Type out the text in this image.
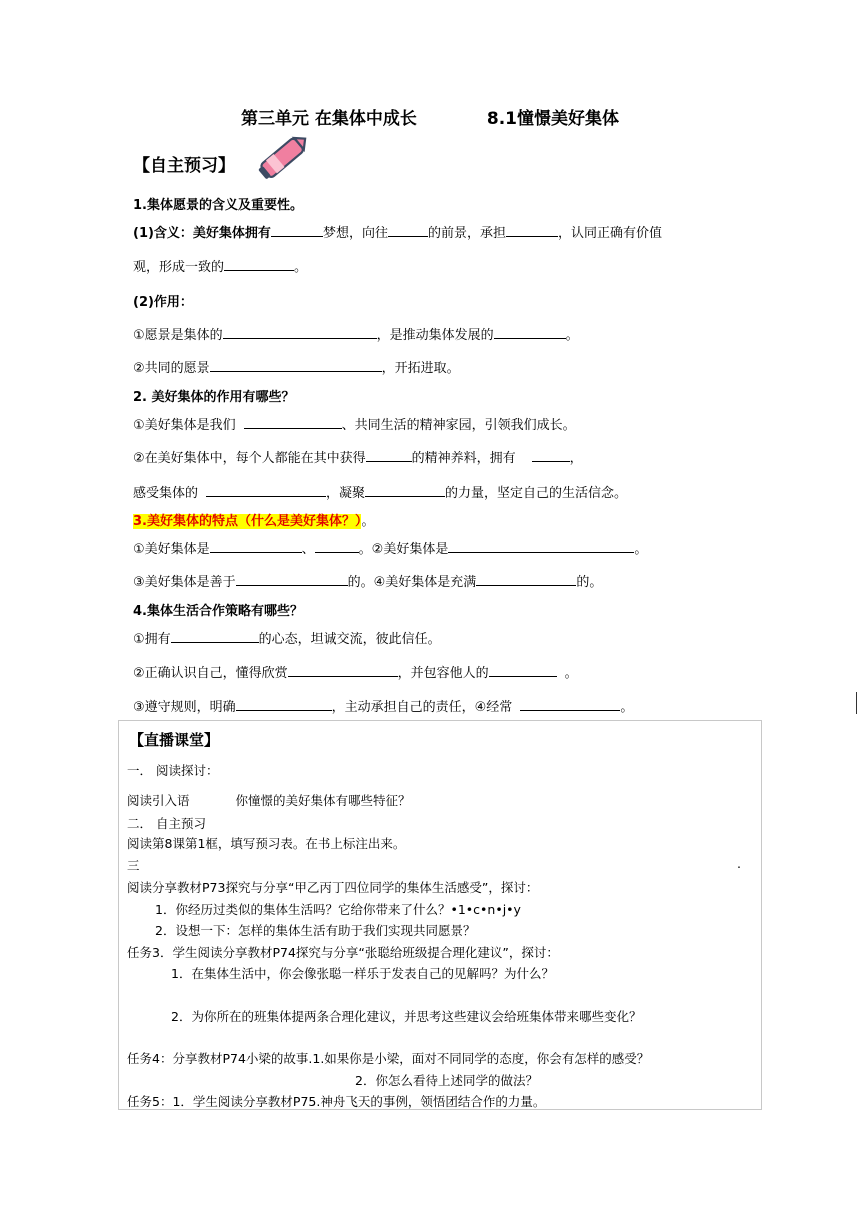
第三单元 在集体中成长	8.1憧憬美好集体
【自主预习】
1.集体愿景的含义及重要性。
(1)含义：美好集体拥有	梦想，向往	的前景，承担	，认同正确有价值
观，形成一致的	。
(2)作用：
①愿景是集体的	，是推动集体发展的	。
②共同的愿景	，开拓进取。
2. 美好集体的作用有哪些？
①美好集体是我们	、共同生活的精神家园，引领我们成长。
②在美好集体中，每个人都能在其中获得	的精神养料，拥有	，
感受集体的	，凝聚	的力量，坚定自己的生活信念。
3.美好集体的特点（什么是美好集体？）。
①美好集体是	、	。②美好集体是	。
③美好集体是善于	的。④美好集体是充满	的。
4.集体生活合作策略有哪些？
①拥有	的心态，坦诚交流，彼此信任。
②正确认识自己，懂得欣赏	，并包容他人的	。
③遵守规则，明确	，主动承担自己的责任，④经常	。
【直播课堂】
一． 阅读探讨：
阅读引入语	你憧憬的美好集体有哪些特征？
二． 自主预习
阅读第8课第1框，填写预习表。在书上标注出来。
三	.
阅读分享教材P73探究与分享“甲乙丙丁四位同学的集体生活感受”，探讨：
1．你经历过类似的集体生活吗？它给你带来了什么？•1•c•n•j•y
2．设想一下：怎样的集体生活有助于我们实现共同愿景？
任务3．学生阅读分享教材P74探究与分享“张聪给班级提合理化建议”，探讨：
1．在集体生活中，你会像张聪一样乐于发表自己的见解吗？为什么？
2．为你所在的班集体提两条合理化建议，并思考这些建议会给班集体带来哪些变化？
任务4：分享教材P74小梁的故事.1.如果你是小梁，面对不同同学的态度，你会有怎样的感受？
2．你怎么看待上述同学的做法？
任务5：1．学生阅读分享教材P75.神舟飞天的事例，领悟团结合作的力量。
